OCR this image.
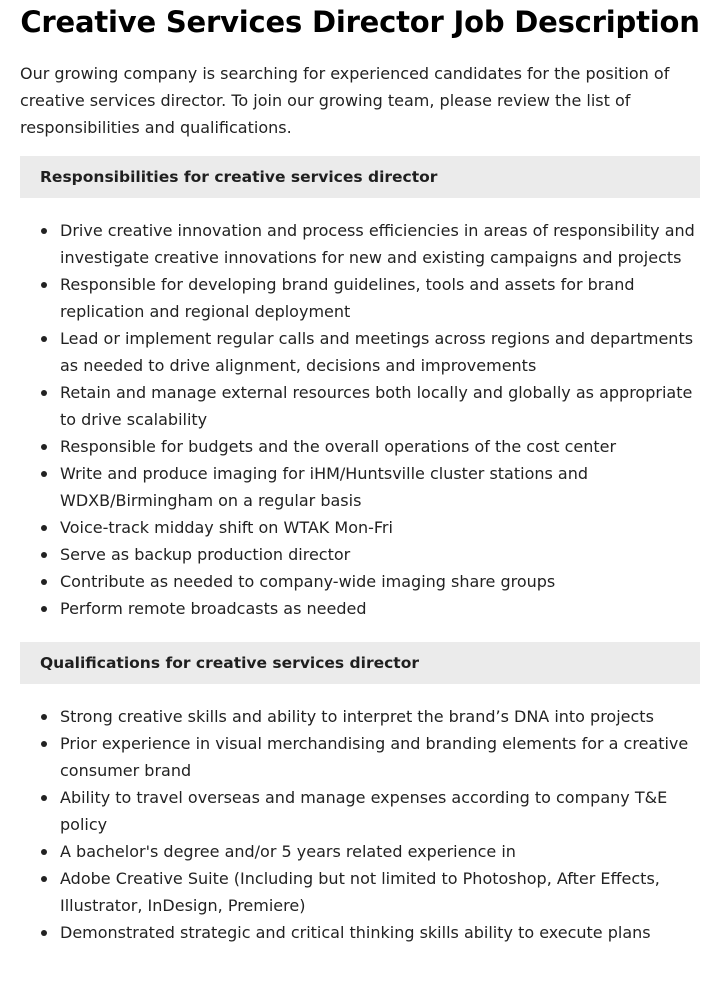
Creative Services Director Job Description

Our growing company is searching for experienced candidates for the position of creative services director. To join our growing team, please review the list of responsibilities and qualifications.

Responsibilities for creative services director
Drive creative innovation and process efficiencies in areas of responsibility and investigate creative innovations for new and existing campaigns and projects
Responsible for developing brand guidelines, tools and assets for brand replication and regional deployment
Lead or implement regular calls and meetings across regions and departments as needed to drive alignment, decisions and improvements
Retain and manage external resources both locally and globally as appropriate to drive scalability
Responsible for budgets and the overall operations of the cost center
Write and produce imaging for iHM/Huntsville cluster stations and WDXB/Birmingham on a regular basis
Voice-track midday shift on WTAK Mon-Fri
Serve as backup production director
Contribute as needed to company-wide imaging share groups
Perform remote broadcasts as needed
Qualifications for creative services director
Strong creative skills and ability to interpret the brand’s DNA into projects
Prior experience in visual merchandising and branding elements for a creative consumer brand
Ability to travel overseas and manage expenses according to company T&E policy
A bachelor's degree and/or 5 years related experience in
Adobe Creative Suite (Including but not limited to Photoshop, After Effects, Illustrator, InDesign, Premiere)
Demonstrated strategic and critical thinking skills ability to execute plans
